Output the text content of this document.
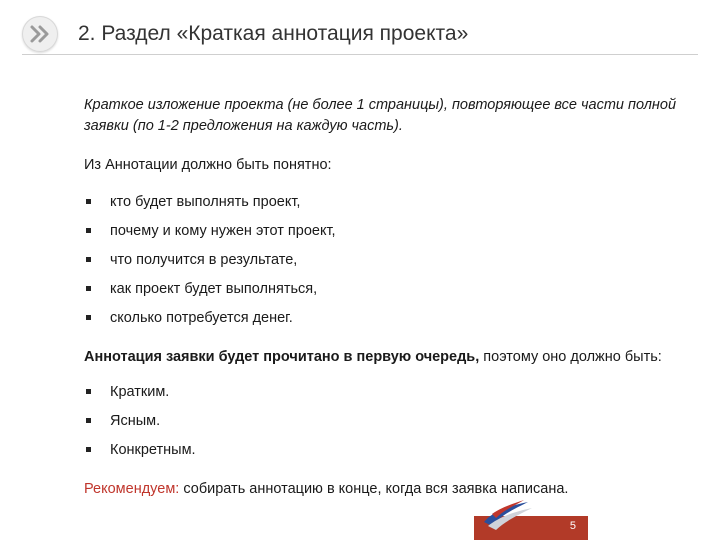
2. Раздел «Краткая аннотация проекта»

Краткое изложение проекта (не более 1 страницы), повторяющее все части полной заявки (по 1-2 предложения на каждую часть).

Из Аннотации должно быть понятно:

кто будет выполнять проект,
почему и кому нужен этот проект,
что получится в результате,
как проект будет выполняться,
сколько потребуется денег.

Аннотация заявки будет прочитано в первую очередь, поэтому оно должно быть:

Кратким.
Ясным.
Конкретным.

Рекомендуем: собирать аннотацию в конце, когда вся заявка написана.

5
